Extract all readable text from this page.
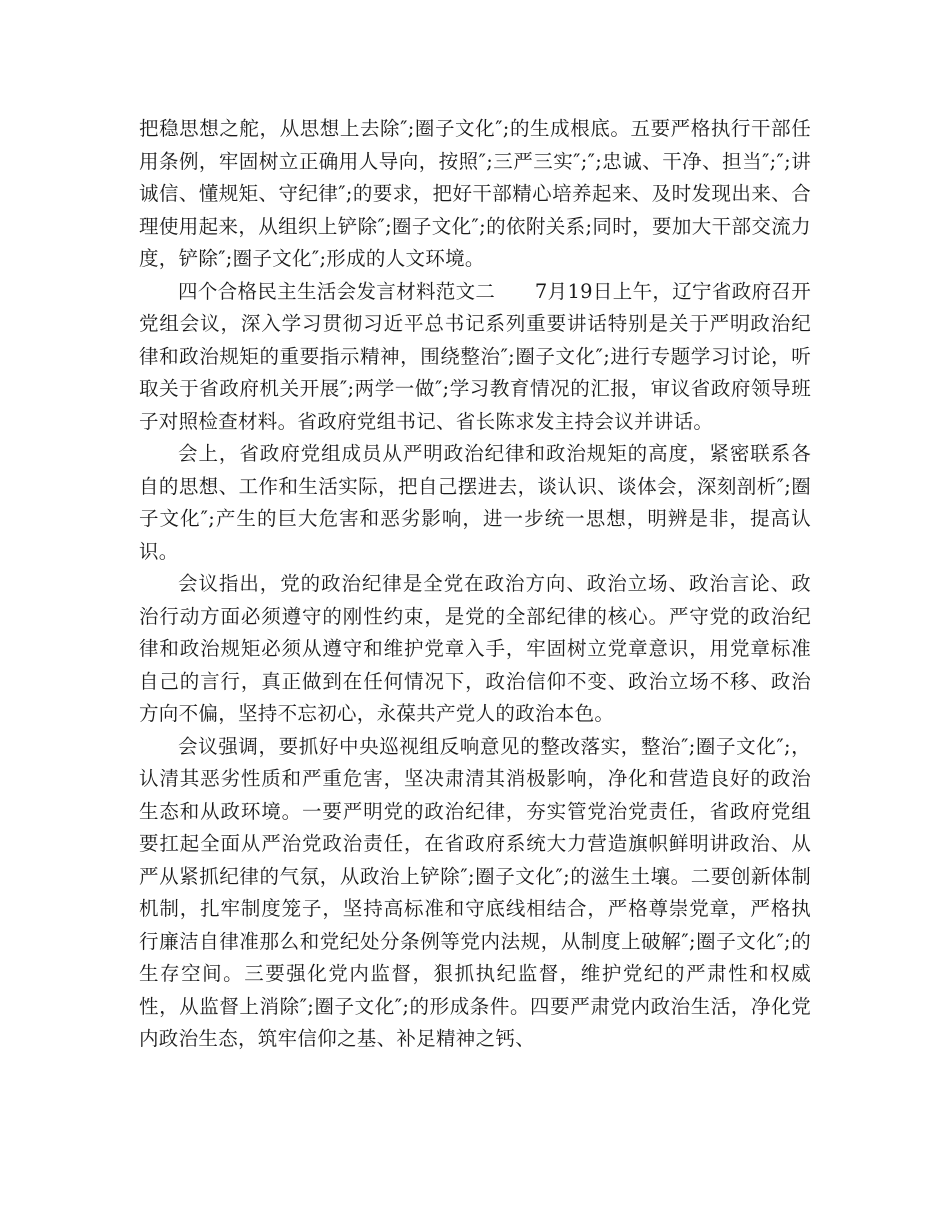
把稳思想之舵，从思想上去除″;圈子文化″;的生成根底。五要严格执行干部任用条例，牢固树立正确用人导向，按照″;三严三实″;″;忠诚、干净、担当″;″;讲诚信、懂规矩、守纪律″;的要求，把好干部精心培养起来、及时发现出来、合理使用起来，从组织上铲除″;圈子文化″;的依附关系;同时，要加大干部交流力度，铲除″;圈子文化″;形成的人文环境。

四个合格民主生活会发言材料范文二　　7月19日上午，辽宁省政府召开党组会议，深入学习贯彻习近平总书记系列重要讲话特别是关于严明政治纪律和政治规矩的重要指示精神，围绕整治″;圈子文化″;进行专题学习讨论，听取关于省政府机关开展″;两学一做″;学习教育情况的汇报，审议省政府领导班子对照检查材料。省政府党组书记、省长陈求发主持会议并讲话。

会上，省政府党组成员从严明政治纪律和政治规矩的高度，紧密联系各自的思想、工作和生活实际，把自己摆进去，谈认识、谈体会，深刻剖析″;圈子文化″;产生的巨大危害和恶劣影响，进一步统一思想，明辨是非，提高认识。

会议指出，党的政治纪律是全党在政治方向、政治立场、政治言论、政治行动方面必须遵守的刚性约束，是党的全部纪律的核心。严守党的政治纪律和政治规矩必须从遵守和维护党章入手，牢固树立党章意识，用党章标准自己的言行，真正做到在任何情况下，政治信仰不变、政治立场不移、政治方向不偏，坚持不忘初心，永葆共产党人的政治本色。

会议强调，要抓好中央巡视组反响意见的整改落实，整治″;圈子文化″;，认清其恶劣性质和严重危害，坚决肃清其消极影响，净化和营造良好的政治生态和从政环境。一要严明党的政治纪律，夯实管党治党责任，省政府党组要扛起全面从严治党政治责任，在省政府系统大力营造旗帜鲜明讲政治、从严从紧抓纪律的气氛，从政治上铲除″;圈子文化″;的滋生土壤。二要创新体制机制，扎牢制度笼子，坚持高标准和守底线相结合，严格尊崇党章，严格执行廉洁自律准那么和党纪处分条例等党内法规，从制度上破解″;圈子文化″;的生存空间。三要强化党内监督，狠抓执纪监督，维护党纪的严肃性和权威性，从监督上消除″;圈子文化″;的形成条件。四要严肃党内政治生活，净化党内政治生态，筑牢信仰之基、补足精神之钙、
